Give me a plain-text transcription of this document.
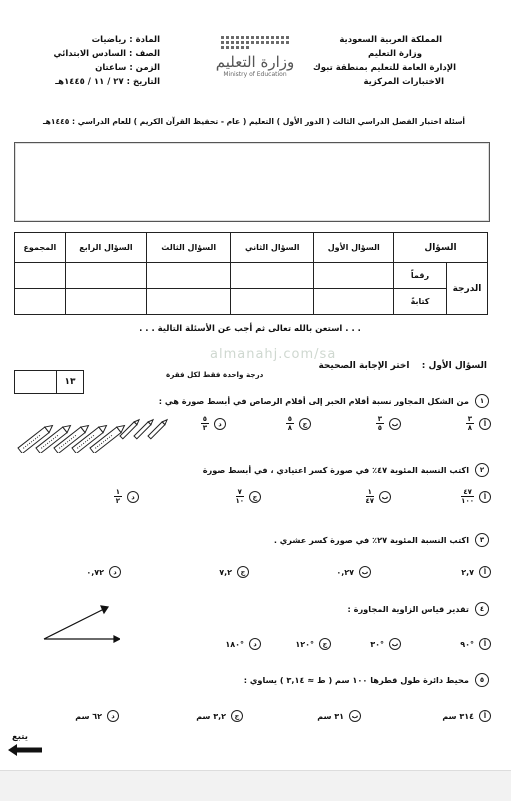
المملكة العربية السعودية
وزارة التعليم
الإدارة العامة للتعليم بمنطقة تبوك
الاختبارات المركزية
وزارة التعليم
Ministry of Education
المادة : رياضيات
الصف : السادس الابتدائي
الزمن : ساعتان
التاريخ : ٢٧ / ١١ / ١٤٤٥هـ
أسئلة اختبار الفصل الدراسي الثالث ( الدور الأول ) التعليم ( عام - تحفيظ القرآن الكريم ) للعام الدراسي : ١٤٤٥هـ
السؤال		السؤال الأول	السؤال الثاني	السؤال الثالث	السؤال الرابع	المجموع
الدرجة	رقماً					
	كتابةً					
. . . استعن بالله تعالى ثم أجب عن الأسئلة التالية . . .
almanahj.com/sa
السؤال الأول :  اختر الإجابة الصحيحة
درجة واحدة فقط لكل فقرة
١٣
١
من الشكل المجاور نسبة أقلام الحبر إلى أقلام الرصاص في أبسط صورة هي :
أ
$\frac{٣}{٨}$
ب
$\frac{٣}{٥}$
ج
$\frac{٥}{٨}$
د
$\frac{٥}{٣}$
٢
اكتب النسبة المئوية ٤٧٪ في صورة كسر اعتيادي ، في أبسط صورة
أ
$\frac{٤٧}{١٠٠}$
ب
$\frac{١}{٤٧}$
ج
$\frac{٧}{١٠}$
د
$\frac{١}{٢}$
٣
اكتب النسبة المئوية ٢٧٪ في صورة كسر عشري .
أ
٢,٧
ب
٠,٢٧
ج
٧,٢
د
٠,٧٢
٤
تقدير قياس الزاوية المجاورة :
أ
°٩٠
ب
°٣٠
ج
°١٢٠
د
°١٨٠
٥
محيط دائرة طول قطرها ١٠٠ سم ( ط ≈ ٣,١٤ ) يساوي :
أ
٣١٤ سم
ب
٣١ سم
ج
٣,٢ سم
د
٦٢ سم
يتبع
